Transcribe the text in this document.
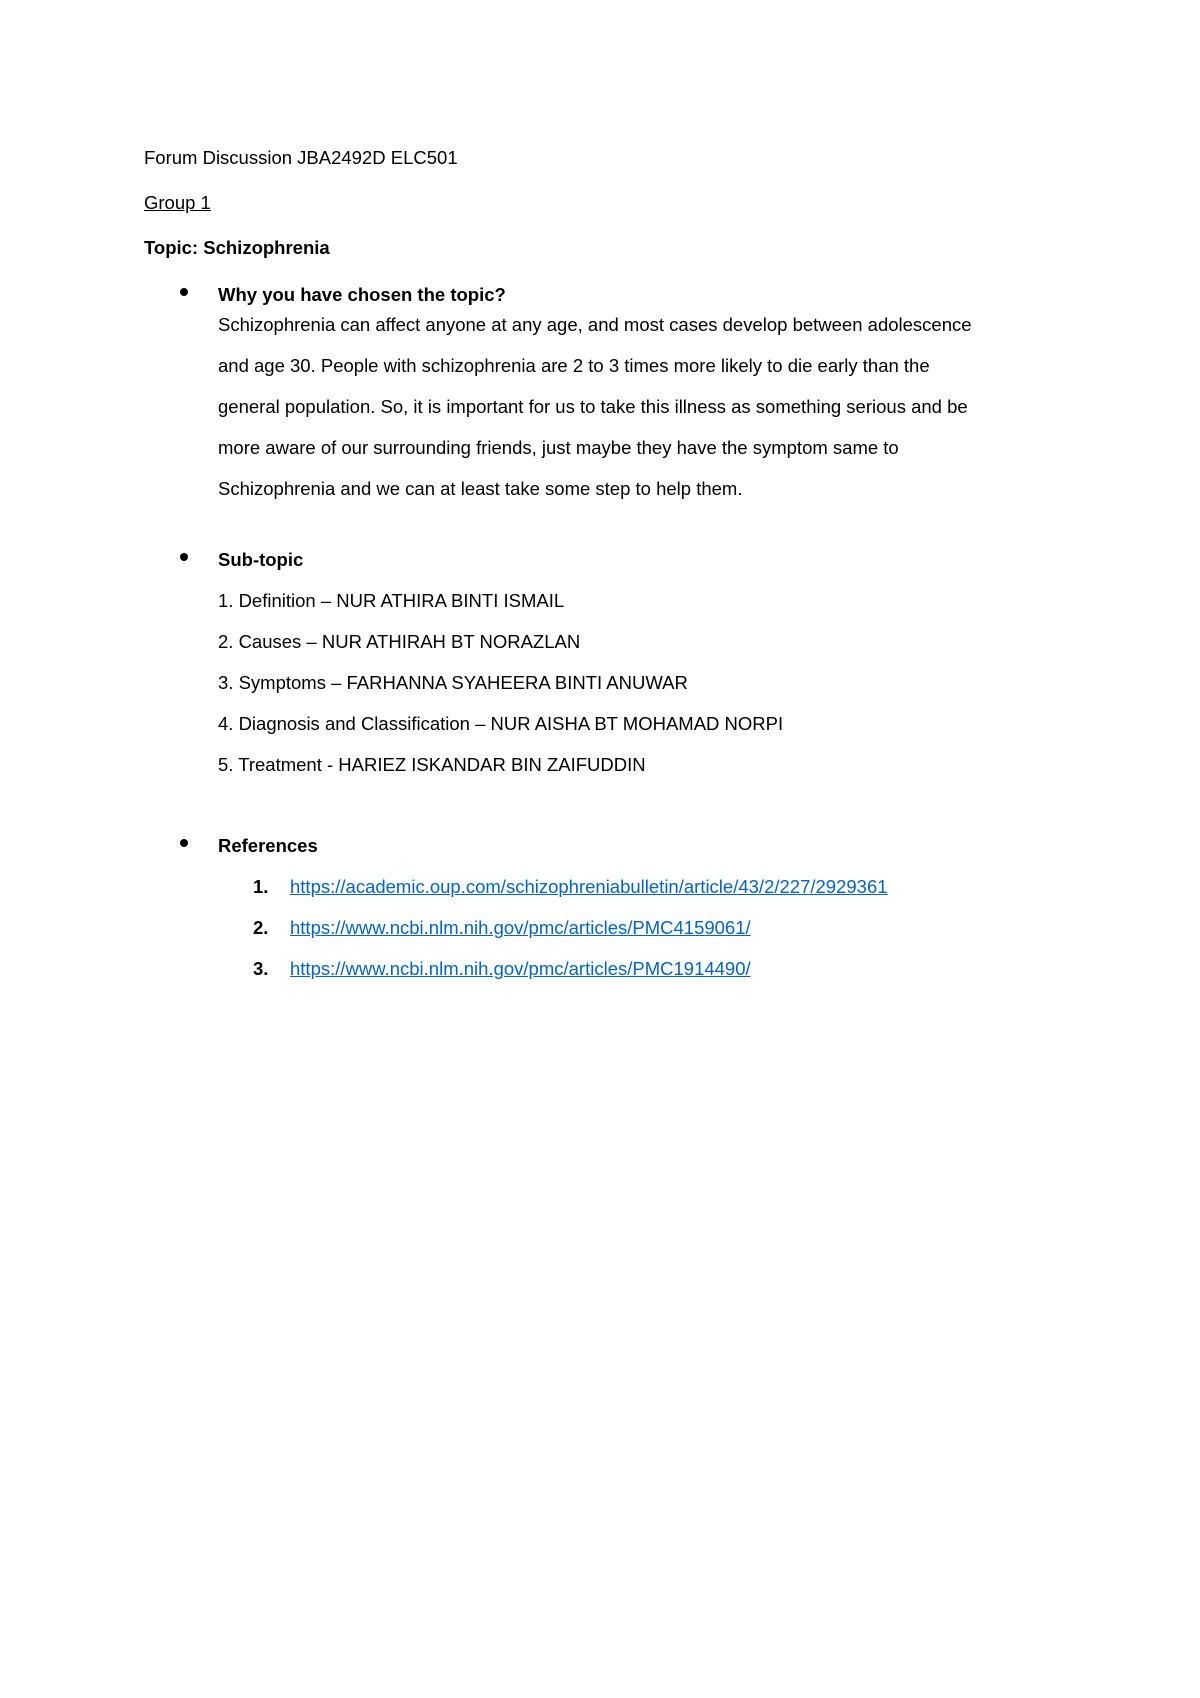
Forum Discussion JBA2492D ELC501
Group 1
Topic: Schizophrenia
Why you have chosen the topic?
Schizophrenia can affect anyone at any age, and most cases develop between adolescence
and age 30. People with schizophrenia are 2 to 3 times more likely to die early than the
general population. So, it is important for us to take this illness as something serious and be
more aware of our surrounding friends, just maybe they have the symptom same to
Schizophrenia and we can at least take some step to help them.
Sub-topic
1. Definition – NUR ATHIRA BINTI ISMAIL
2. Causes – NUR ATHIRAH BT NORAZLAN
3. Symptoms – FARHANNA SYAHEERA BINTI ANUWAR
4. Diagnosis and Classification – NUR AISHA BT MOHAMAD NORPI
5. Treatment - HARIEZ ISKANDAR BIN ZAIFUDDIN
References
1. https://academic.oup.com/schizophreniabulletin/article/43/2/227/2929361
2. https://www.ncbi.nlm.nih.gov/pmc/articles/PMC4159061/
3. https://www.ncbi.nlm.nih.gov/pmc/articles/PMC1914490/
